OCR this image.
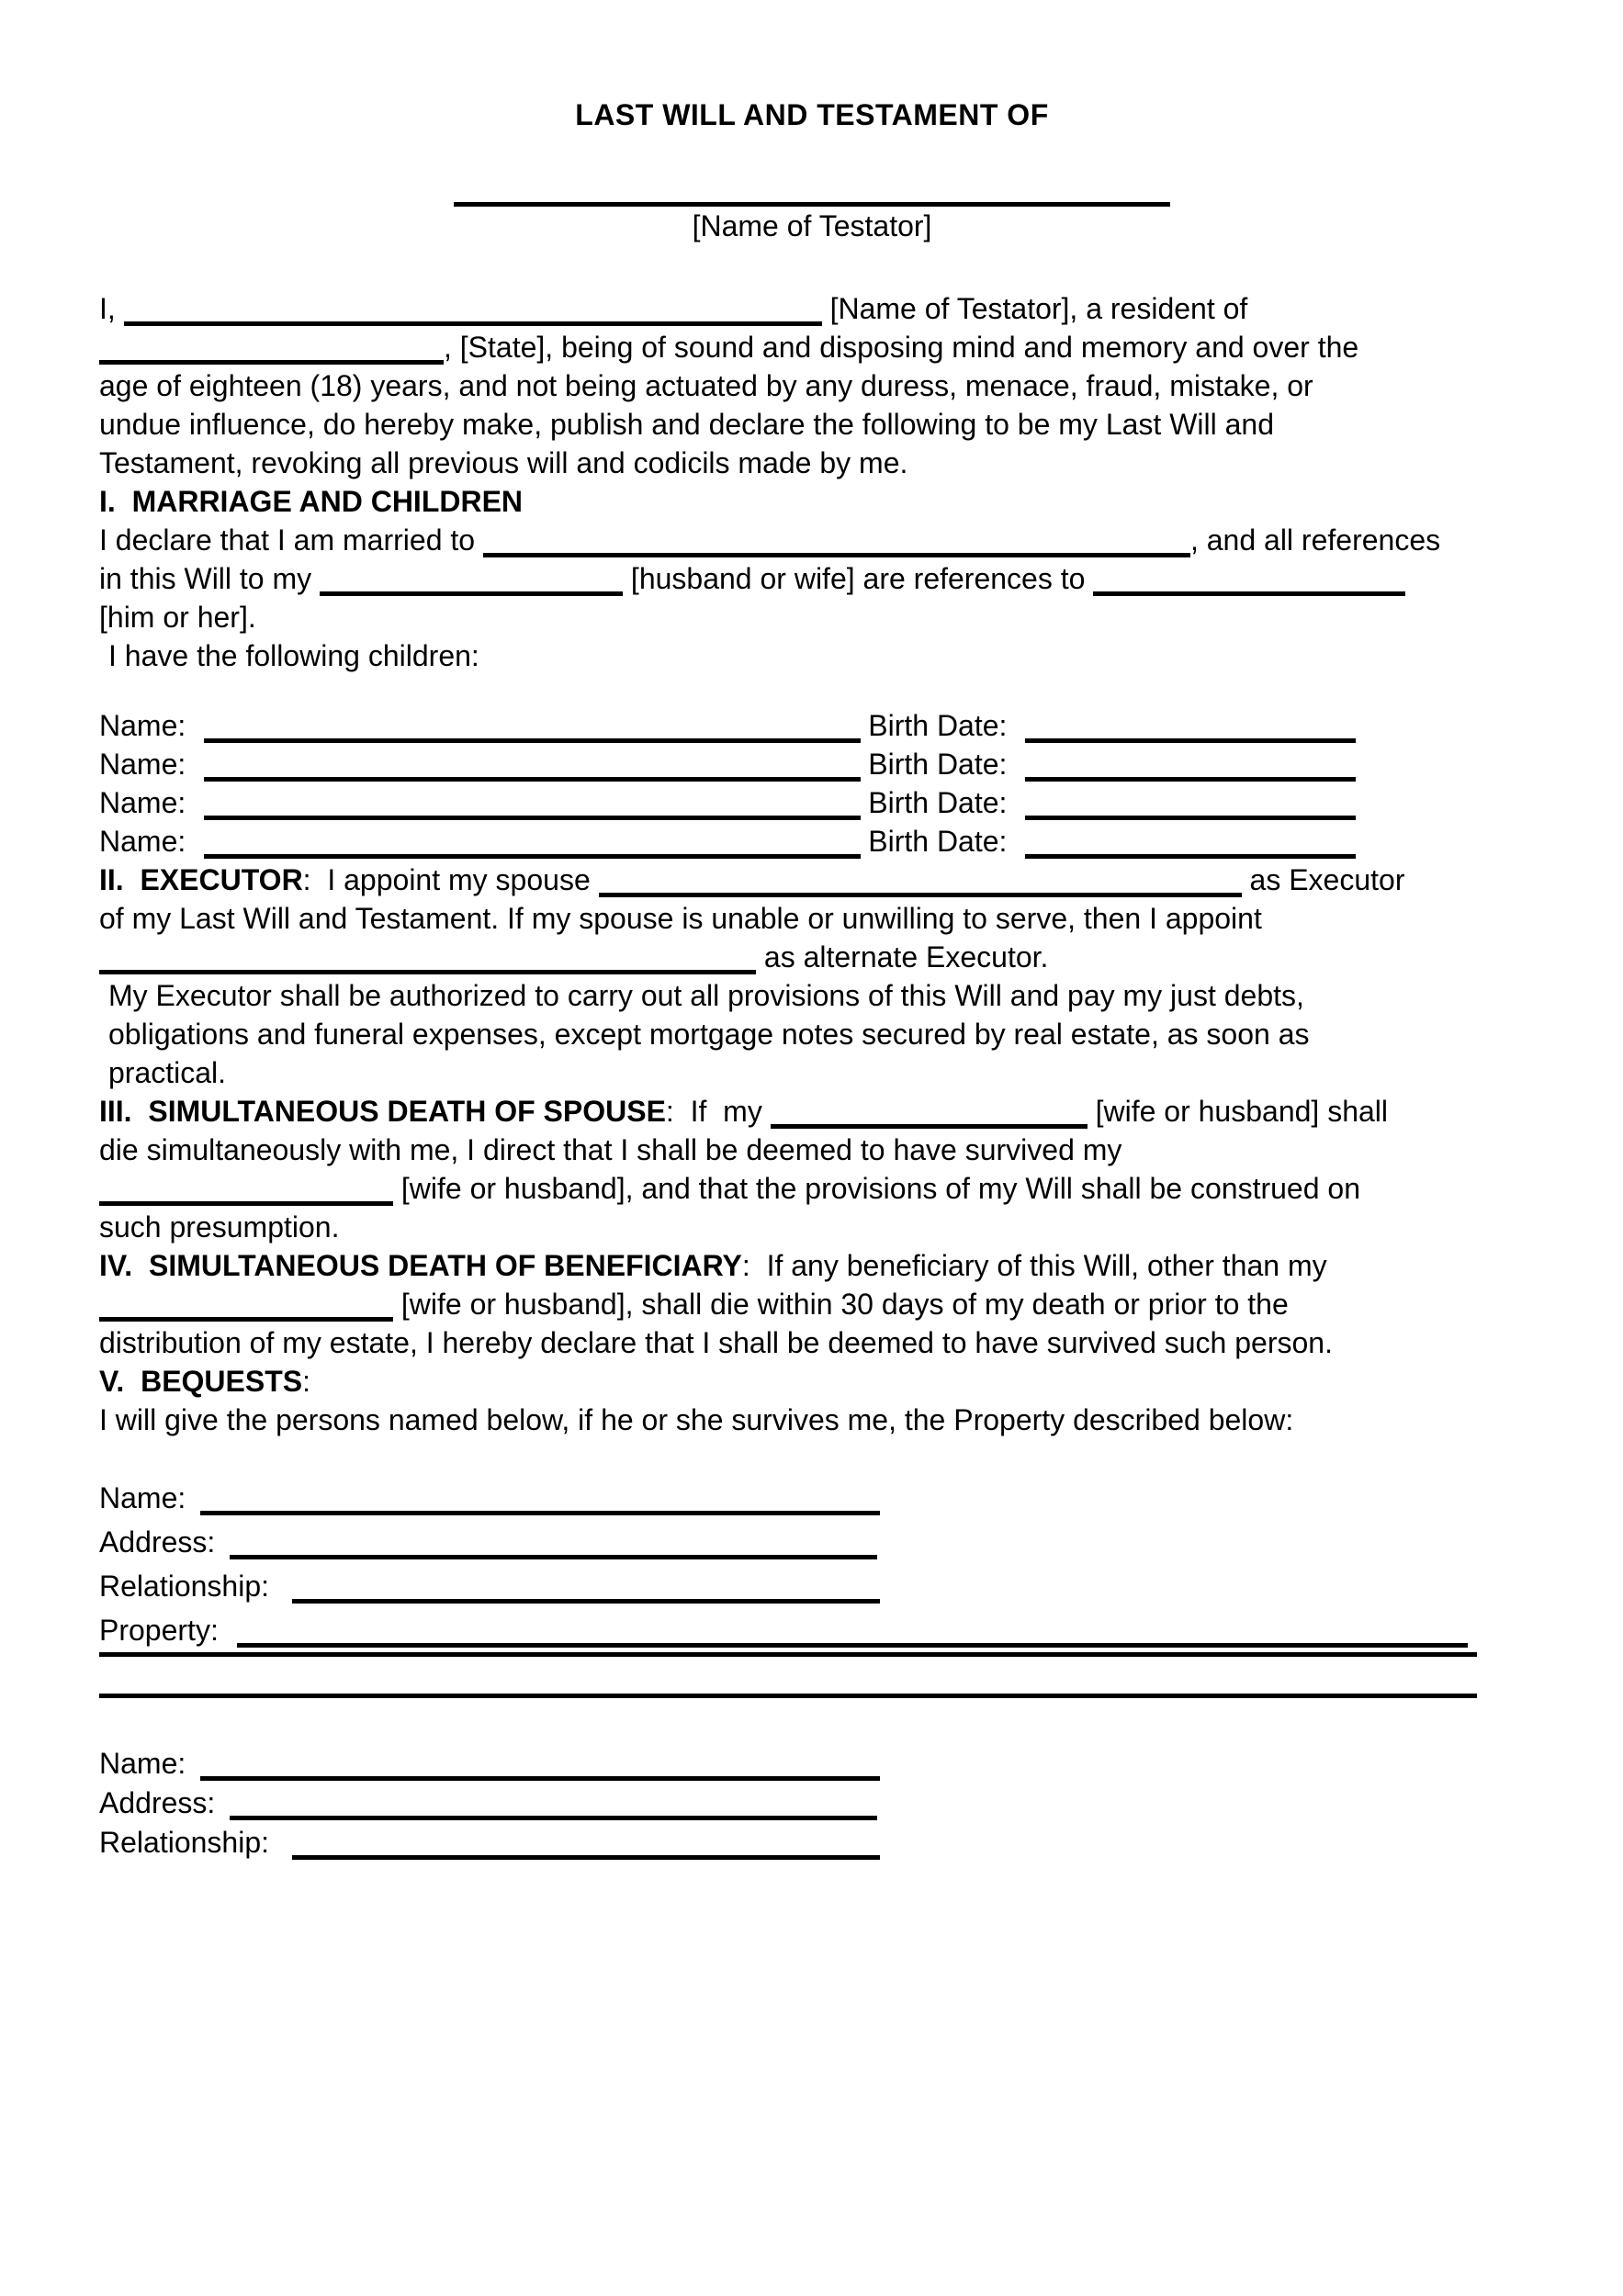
LAST WILL AND TESTAMENT OF
[Name of Testator]

I,	[Name of Testator], a resident of
, [State], being of sound and disposing mind and memory and over the
age of eighteen (18) years, and not being actuated by any duress, menace, fraud, mistake, or
undue influence, do hereby make, publish and declare the following to be my Last Will and
Testament, revoking all previous will and codicils made by me.

I.  MARRIAGE AND CHILDREN

I declare that I am married to	, and all references
in this Will to my	[husband or wife] are references to
[him or her].

I have the following children:

Name:	Birth Date:
Name:	Birth Date:
Name:	Birth Date:
Name:	Birth Date:

II.  EXECUTOR:  I appoint my spouse	as Executor
of my Last Will and Testament. If my spouse is unable or unwilling to serve, then I appoint
as alternate Executor.

My Executor shall be authorized to carry out all provisions of this Will and pay my just debts,
obligations and funeral expenses, except mortgage notes secured by real estate, as soon as
practical.

III.  SIMULTANEOUS DEATH OF SPOUSE:  If  my	[wife or husband] shall
die simultaneously with me, I direct that I shall be deemed to have survived my
[wife or husband], and that the provisions of my Will shall be construed on
such presumption.

IV.  SIMULTANEOUS DEATH OF BENEFICIARY:  If any beneficiary of this Will, other than my
[wife or husband], shall die within 30 days of my death or prior to the
distribution of my estate, I hereby declare that I shall be deemed to have survived such person.

V.  BEQUESTS:

I will give the persons named below, if he or she survives me, the Property described below:

Name:
Address:
Relationship:
Property:
Name:
Address:
Relationship:
